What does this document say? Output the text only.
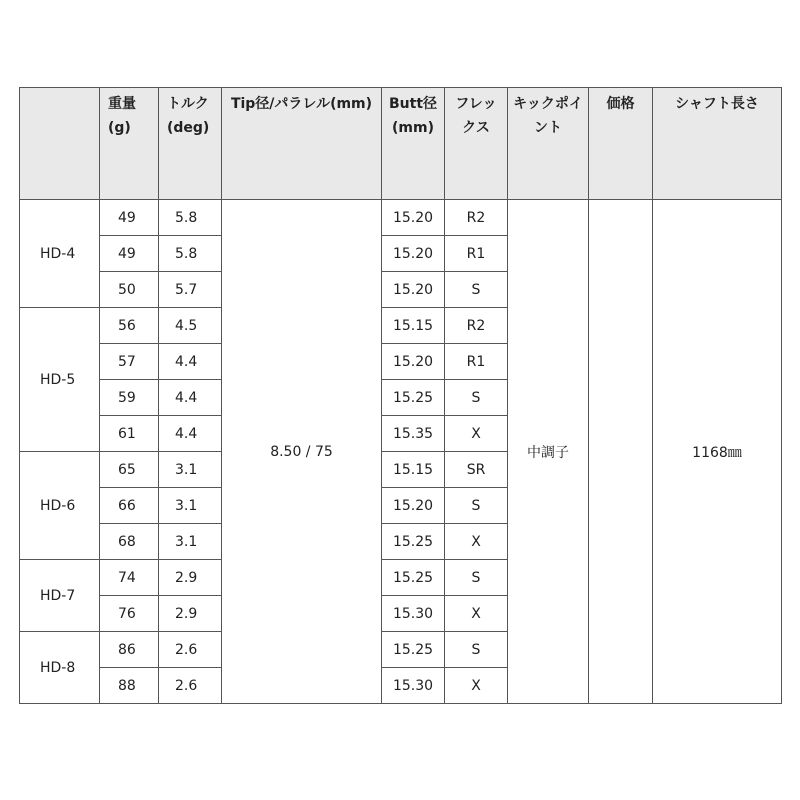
	重量(g)	トルク(deg)	Tip径/パラレル(mm)	Butt径(mm)	フレックス	キックポイント	価格	シャフト長さ
HD-4	49	5.8	8.50 / 75	15.20	R2	中調子		1168㎜
	49	5.8		15.20	R1			
	50	5.7		15.20	S			
HD-5	56	4.5		15.15	R2			
	57	4.4		15.20	R1			
	59	4.4		15.25	S			
	61	4.4		15.35	X			
HD-6	65	3.1		15.15	SR			
	66	3.1		15.20	S			
	68	3.1		15.25	X			
HD-7	74	2.9		15.25	S			
	76	2.9		15.30	X			
HD-8	86	2.6		15.25	S			
	88	2.6		15.30	X			
